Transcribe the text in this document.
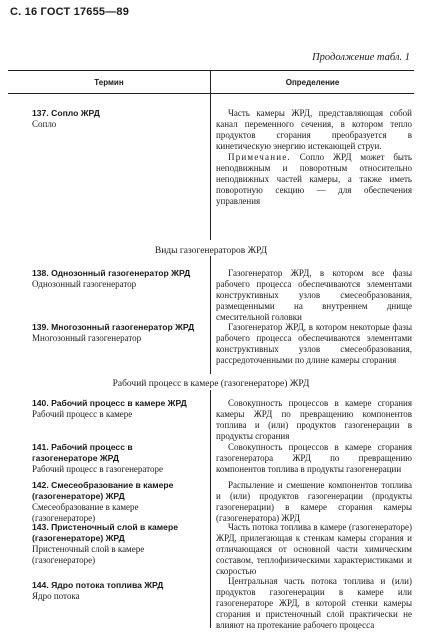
С. 16 ГОСТ 17655—89
Продолжение табл. 1
Термин	Определение
137. Сопло ЖРД
Сопло
Часть камеры ЖРД, представляющая собой канал переменного сечения, в котором тепло продуктов сгорания преобразуется в кинетическую энергию истекающей струи.
Примечание. Сопло ЖРД может быть неподвижным и поворотным относительно неподвижных частей камеры, а также иметь поворотную секцию — для обеспечения управления
Виды газогенераторов ЖРД
138. Однозонный газогенератор ЖРД
Однозонный газогенератор
Газогенератор ЖРД, в котором все фазы рабочего процесса обеспечиваются элементами конструктивных узлов смесеобразования, размещенными на внутреннем днище смесительной головки
139. Многозонный газогенератор ЖРД
Многозонный газогенератор
Газогенератор ЖРД, в котором некоторые фазы рабочего процесса обеспечиваются элементами конструктивных узлов смесеобразования, рассредоточенными по длине камеры сгорания
Рабочий процесс в камере (газогенераторе) ЖРД
140. Рабочий процесс в камере ЖРД
Рабочий процесс в камере
Совокупность процессов в камере сгорания камеры ЖРД по превращению компонентов топлива и (или) продуктов газогенерации в продукты сгорания
141. Рабочий процесс в газогенераторе ЖРД
Рабочий процесс в газогенераторе
Совокупность процессов в камере сгорания газогенератора ЖРД по превращению компонентов топлива в продукты газогенерации
142. Смесеобразование в камере (газогенераторе) ЖРД
Смесеобразование в камере (газогенераторе)
Распыление и смешение компонентов топлива и (или) продуктов газогенерации (продукты газогенерации) в камере сгорания камеры (газогенератора) ЖРД
143. Пристеночный слой в камере (газогенераторе) ЖРД
Пристеночный слой в камере (газогенераторе)
Часть потока топлива в камере (газогенераторе) ЖРД, прилегающая к стенкам камеры сгорания и отличающаяся от основной части химическим составом, теплофизическими характеристиками и скоростью
144. Ядро потока топлива ЖРД
Ядро потока
Центральная часть потока топлива и (или) продуктов газогенерации в камере или газогенераторе ЖРД, в которой стенки камеры сгорания и пристеночный слой практически не влияют на протекание рабочего процесса
